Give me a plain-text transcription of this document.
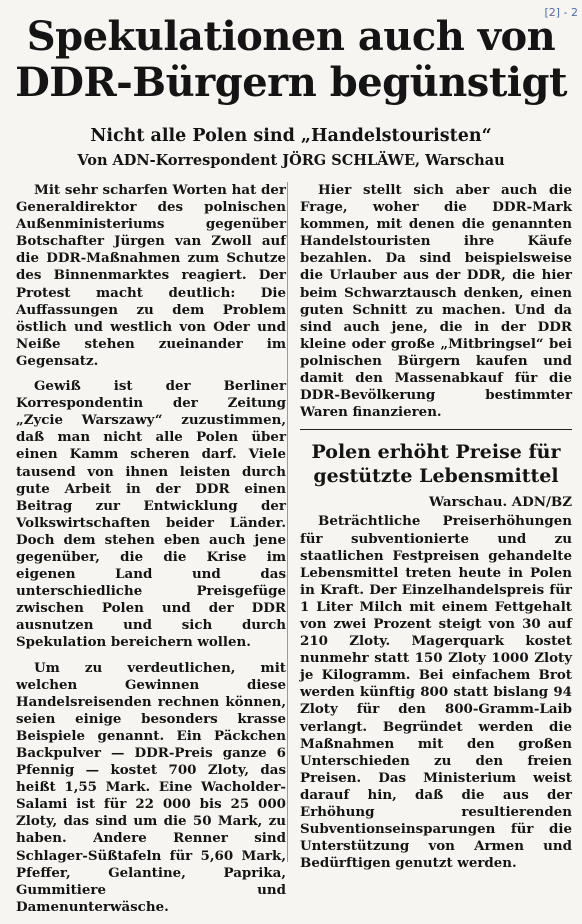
[2] - 2
Spekulationen auch von
DDR-Bürgern begünstigt
Nicht alle Polen sind „Handelstouristen“
Von ADN-Korrespondent JÖRG SCHLÄWE, Warschau

Mit sehr scharfen Worten hat der Generaldirektor des polnischen Außenministeriums gegenüber Botschafter Jürgen van Zwoll auf die DDR-Maßnahmen zum Schutze des Binnenmarktes reagiert. Der Protest macht deutlich: Die Auffassungen zu dem Problem östlich und westlich von Oder und Neiße stehen zueinander im Gegensatz.

Gewiß ist der Berliner Korrespondentin der Zeitung „Zycie Warszawy“ zuzustimmen, daß man nicht alle Polen über einen Kamm scheren darf. Viele tausend von ihnen leisten durch gute Arbeit in der DDR einen Beitrag zur Entwicklung der Volkswirtschaften beider Länder. Doch dem stehen eben auch jene gegenüber, die die Krise im eigenen Land und das unterschiedliche Preisgefüge zwischen Polen und der DDR ausnutzen und sich durch Spekulation bereichern wollen.

Um zu verdeutlichen, mit welchen Gewinnen diese Handelsreisenden rechnen können, seien einige besonders krasse Beispiele genannt. Ein Päckchen Backpulver — DDR-Preis ganze 6 Pfennig — kostet 700 Zloty, das heißt 1,55 Mark. Eine Wacholder-Salami ist für 22 000 bis 25 000 Zloty, das sind um die 50 Mark, zu haben. Andere Renner sind Schlager-Süßtafeln für 5,60 Mark, Pfeffer, Gelantine, Paprika, Gummitiere und Damenunterwäsche.

Hier stellt sich aber auch die Frage, woher die DDR-Mark kommen, mit denen die genannten Handelstouristen ihre Käufe bezahlen. Da sind beispielsweise die Urlauber aus der DDR, die hier beim Schwarztausch denken, einen guten Schnitt zu machen. Und da sind auch jene, die in der DDR kleine oder große „Mitbringsel“ bei polnischen Bürgern kaufen und damit den Massenabkauf für die DDR-Bevölkerung bestimmter Waren finanzieren.

Polen erhöht Preise für gestützte Lebensmittel
Warschau. ADN/BZ

Beträchtliche Preiserhöhungen für subventionierte und zu staatlichen Festpreisen gehandelte Lebensmittel treten heute in Polen in Kraft. Der Einzelhandelspreis für 1 Liter Milch mit einem Fettgehalt von zwei Prozent steigt von 30 auf 210 Zloty. Magerquark kostet nunmehr statt 150 Zloty 1000 Zloty je Kilogramm. Bei einfachem Brot werden künftig 800 statt bislang 94 Zloty für den 800-Gramm-Laib verlangt. Begründet werden die Maßnahmen mit den großen Unterschieden zu den freien Preisen. Das Ministerium weist darauf hin, daß die aus der Erhöhung resultierenden Subventionseinsparungen für die Unterstützung von Armen und Bedürftigen genutzt werden.
